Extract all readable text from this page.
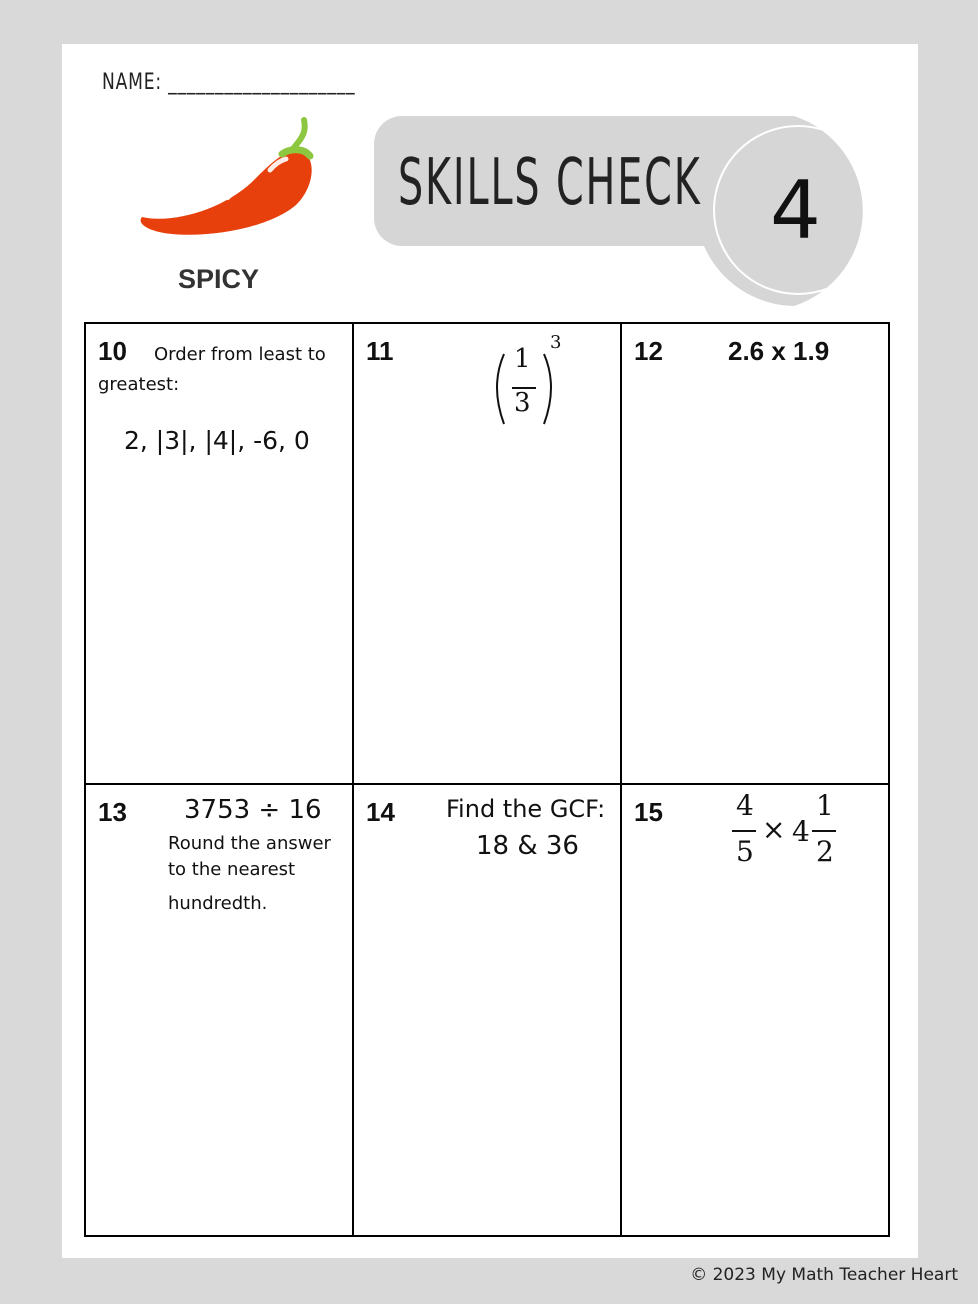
NAME: ____________________
SPICY
SKILLS CHECK 4
10 Order from least to
greatest:
2, |3|, |4|, -6, 0
11	1
3
3	12	2.6 x 1.9
13 3753 ÷ 16
Round the answer
to the nearest
hundredth.
14 Find the GCF:
18 & 36
15	4
5
× 4
1
2
© 2023 My Math Teacher Heart
